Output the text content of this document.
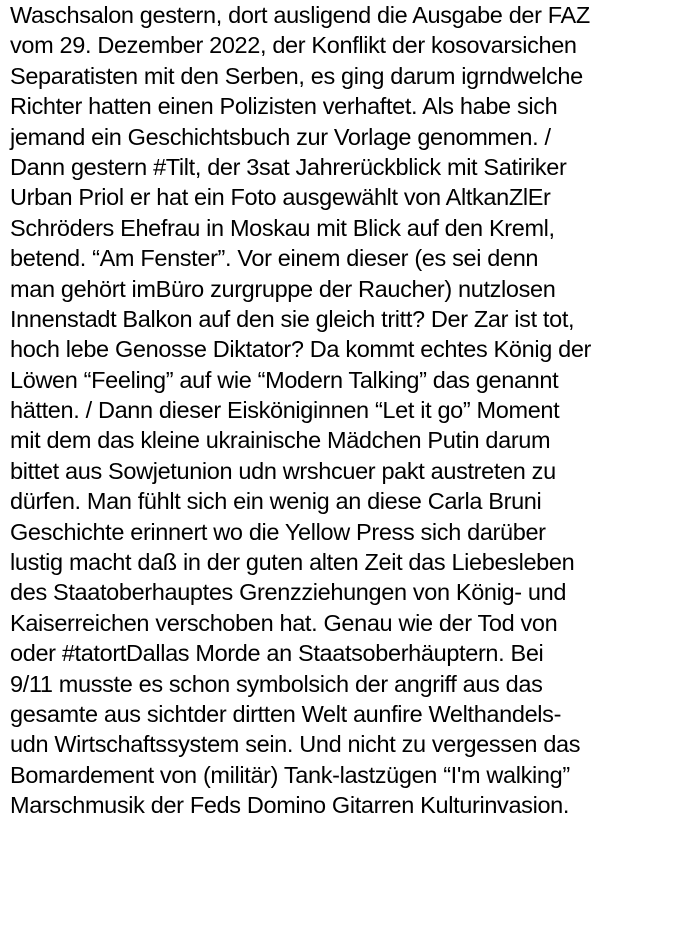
Waschsalon gestern, dort ausligend die Ausgabe der FAZ
vom 29. Dezember 2022, der Konflikt der kosovarsichen
Separatisten mit den Serben, es ging darum igrndwelche
Richter hatten einen Polizisten verhaftet. Als habe sich
jemand ein Geschichtsbuch zur Vorlage genommen. /
Dann gestern #Tilt, der 3sat Jahrerückblick mit Satiriker
Urban Priol er hat ein Foto ausgewählt von AltkanZlEr
Schröders Ehefrau in Moskau mit Blick auf den Kreml,
betend. “Am Fenster”. Vor einem dieser (es sei denn
man gehört imBüro zurgruppe der Raucher) nutzlosen
Innenstadt Balkon auf den sie gleich tritt? Der Zar ist tot,
hoch lebe Genosse Diktator? Da kommt echtes König der
Löwen “Feeling” auf wie “Modern Talking” das genannt
hätten. / Dann dieser Eisköniginnen “Let it go” Moment
mit dem das kleine ukrainische Mädchen Putin darum
bittet aus Sowjetunion udn wrshcuer pakt austreten zu
dürfen. Man fühlt sich ein wenig an diese Carla Bruni
Geschichte erinnert wo die Yellow Press sich darüber
lustig macht daß in der guten alten Zeit das Liebesleben
des Staatoberhauptes Grenzziehungen von König- und
Kaiserreichen verschoben hat. Genau wie der Tod von
oder #tatortDallas Morde an Staatsoberhäuptern. Bei
9/11 musste es schon symbolsich der angriff aus das
gesamte aus sichtder dirtten Welt aunfire Welthandels-
udn Wirtschaftssystem sein. Und nicht zu vergessen das
Bomardement von (militär) Tank-lastzügen “I'm walking”
Marschmusik der Feds Domino Gitarren Kulturinvasion.
